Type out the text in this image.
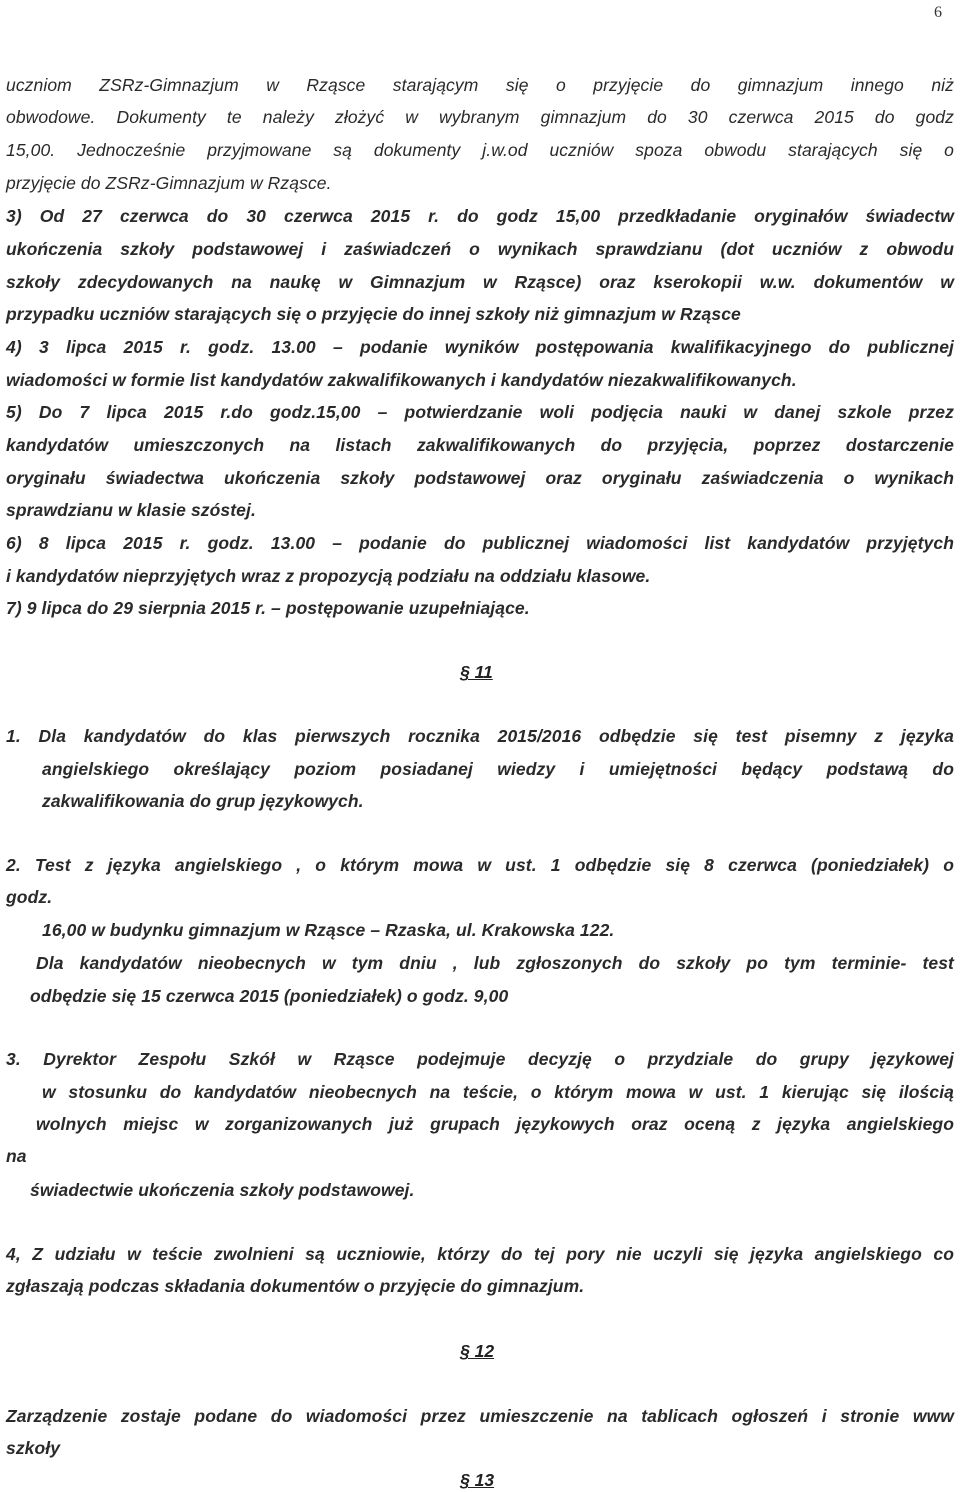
6
uczniom ZSRz-Gimnazjum w Rząsce starającym się o przyjęcie do gimnazjum innego niż
obwodowe. Dokumenty te należy złożyć w wybranym gimnazjum do 30 czerwca 2015 do godz
15,00. Jednocześnie przyjmowane są dokumenty j.w.od uczniów spoza obwodu starających się o
przyjęcie do ZSRz-Gimnazjum w Rząsce.
3) Od 27 czerwca do 30 czerwca 2015 r. do godz 15,00 przedkładanie oryginałów świadectw
ukończenia szkoły podstawowej i zaświadczeń o wynikach sprawdzianu (dot uczniów z obwodu
szkoły zdecydowanych na naukę w Gimnazjum w Rząsce) oraz kserokopii w.w. dokumentów w
przypadku uczniów starających się o przyjęcie do innej szkoły niż gimnazjum w Rząsce
4) 3 lipca 2015 r. godz. 13.00 – podanie wyników postępowania kwalifikacyjnego do publicznej
wiadomości w formie list kandydatów zakwalifikowanych i kandydatów niezakwalifikowanych.
5) Do 7 lipca 2015 r.do godz.15,00 – potwierdzanie woli podjęcia nauki w danej szkole przez
kandydatów umieszczonych na listach zakwalifikowanych do przyjęcia, poprzez dostarczenie
oryginału świadectwa ukończenia szkoły podstawowej oraz oryginału zaświadczenia o wynikach
sprawdzianu w klasie szóstej.
6) 8 lipca 2015 r. godz. 13.00 – podanie do publicznej wiadomości list kandydatów przyjętych
i kandydatów nieprzyjętych wraz z propozycją podziału na oddziału klasowe.
7) 9 lipca do 29 sierpnia 2015 r. – postępowanie uzupełniające.
§ 11
1. Dla kandydatów do klas pierwszych rocznika 2015/2016 odbędzie się test pisemny z języka
angielskiego określający poziom posiadanej wiedzy i umiejętności będący podstawą do
zakwalifikowania do grup językowych.
2. Test z języka angielskiego , o którym mowa w ust. 1 odbędzie się 8 czerwca (poniedziałek) o
godz.
16,00 w budynku gimnazjum w Rząsce – Rzaska, ul. Krakowska 122.
Dla kandydatów nieobecnych w tym dniu , lub zgłoszonych do szkoły po tym terminie- test
odbędzie się 15 czerwca 2015 (poniedziałek) o godz. 9,00
3. Dyrektor Zespołu Szkół w Rząsce podejmuje decyzję o przydziale do grupy językowej
w stosunku do kandydatów nieobecnych na teście, o którym mowa w ust. 1 kierując się ilością
wolnych miejsc w zorganizowanych już grupach językowych oraz oceną z języka angielskiego
na
świadectwie ukończenia szkoły podstawowej.
4, Z udziału w teście zwolnieni są uczniowie, którzy do tej pory nie uczyli się języka angielskiego co
zgłaszają podczas składania dokumentów o przyjęcie do gimnazjum.
§ 12
Zarządzenie zostaje podane do wiadomości przez umieszczenie na tablicach ogłoszeń i stronie www
szkoły
§ 13
